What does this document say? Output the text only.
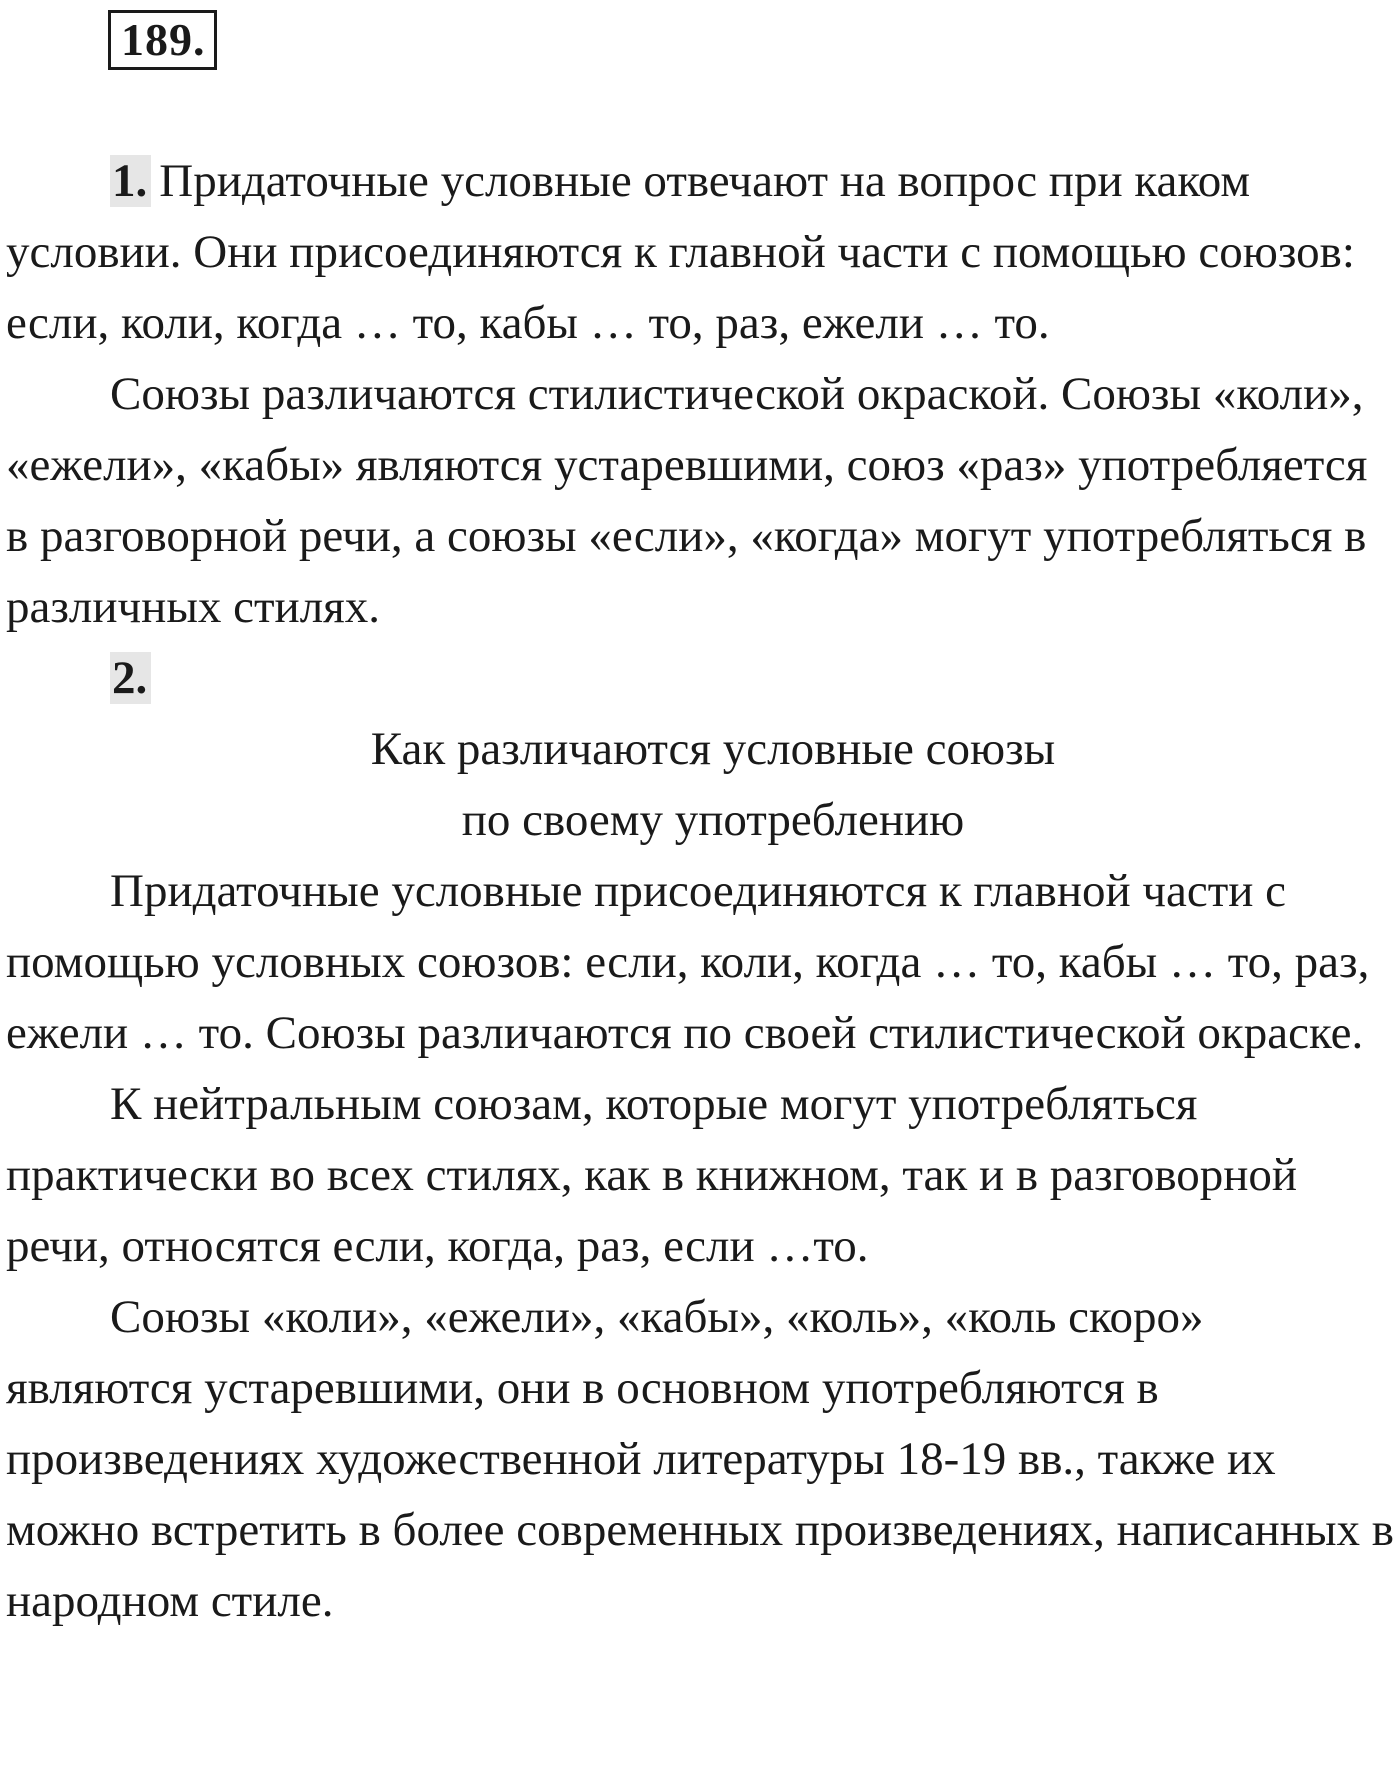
189.

1. Придаточные условные отвечают на вопрос при каком условии. Они присоединяются к главной части с помощью союзов: если, коли, когда … то, кабы … то, раз, ежели … то.

Союзы различаются стилистической окраской. Союзы «коли», «ежели», «кабы» являются устаревшими, союз «раз» употребляется в разговорной речи, а союзы «если», «когда» могут употребляться в различных стилях.

2.
Как различаются условные союзы
по своему употреблению

Придаточные условные присоединяются к главной части с помощью условных союзов: если, коли, когда … то, кабы … то, раз, ежели … то. Союзы различаются по своей стилистической окраске.

К нейтральным союзам, которые могут употребляться практически во всех стилях, как в книжном, так и в разговорной речи, относятся если, когда, раз, если …то.

Союзы «коли», «ежели», «кабы», «коль», «коль скоро» являются устаревшими, они в основном употребляются в произведениях художественной литературы 18-19 вв., также их можно встретить в более современных произведениях, написанных в народном стиле.
